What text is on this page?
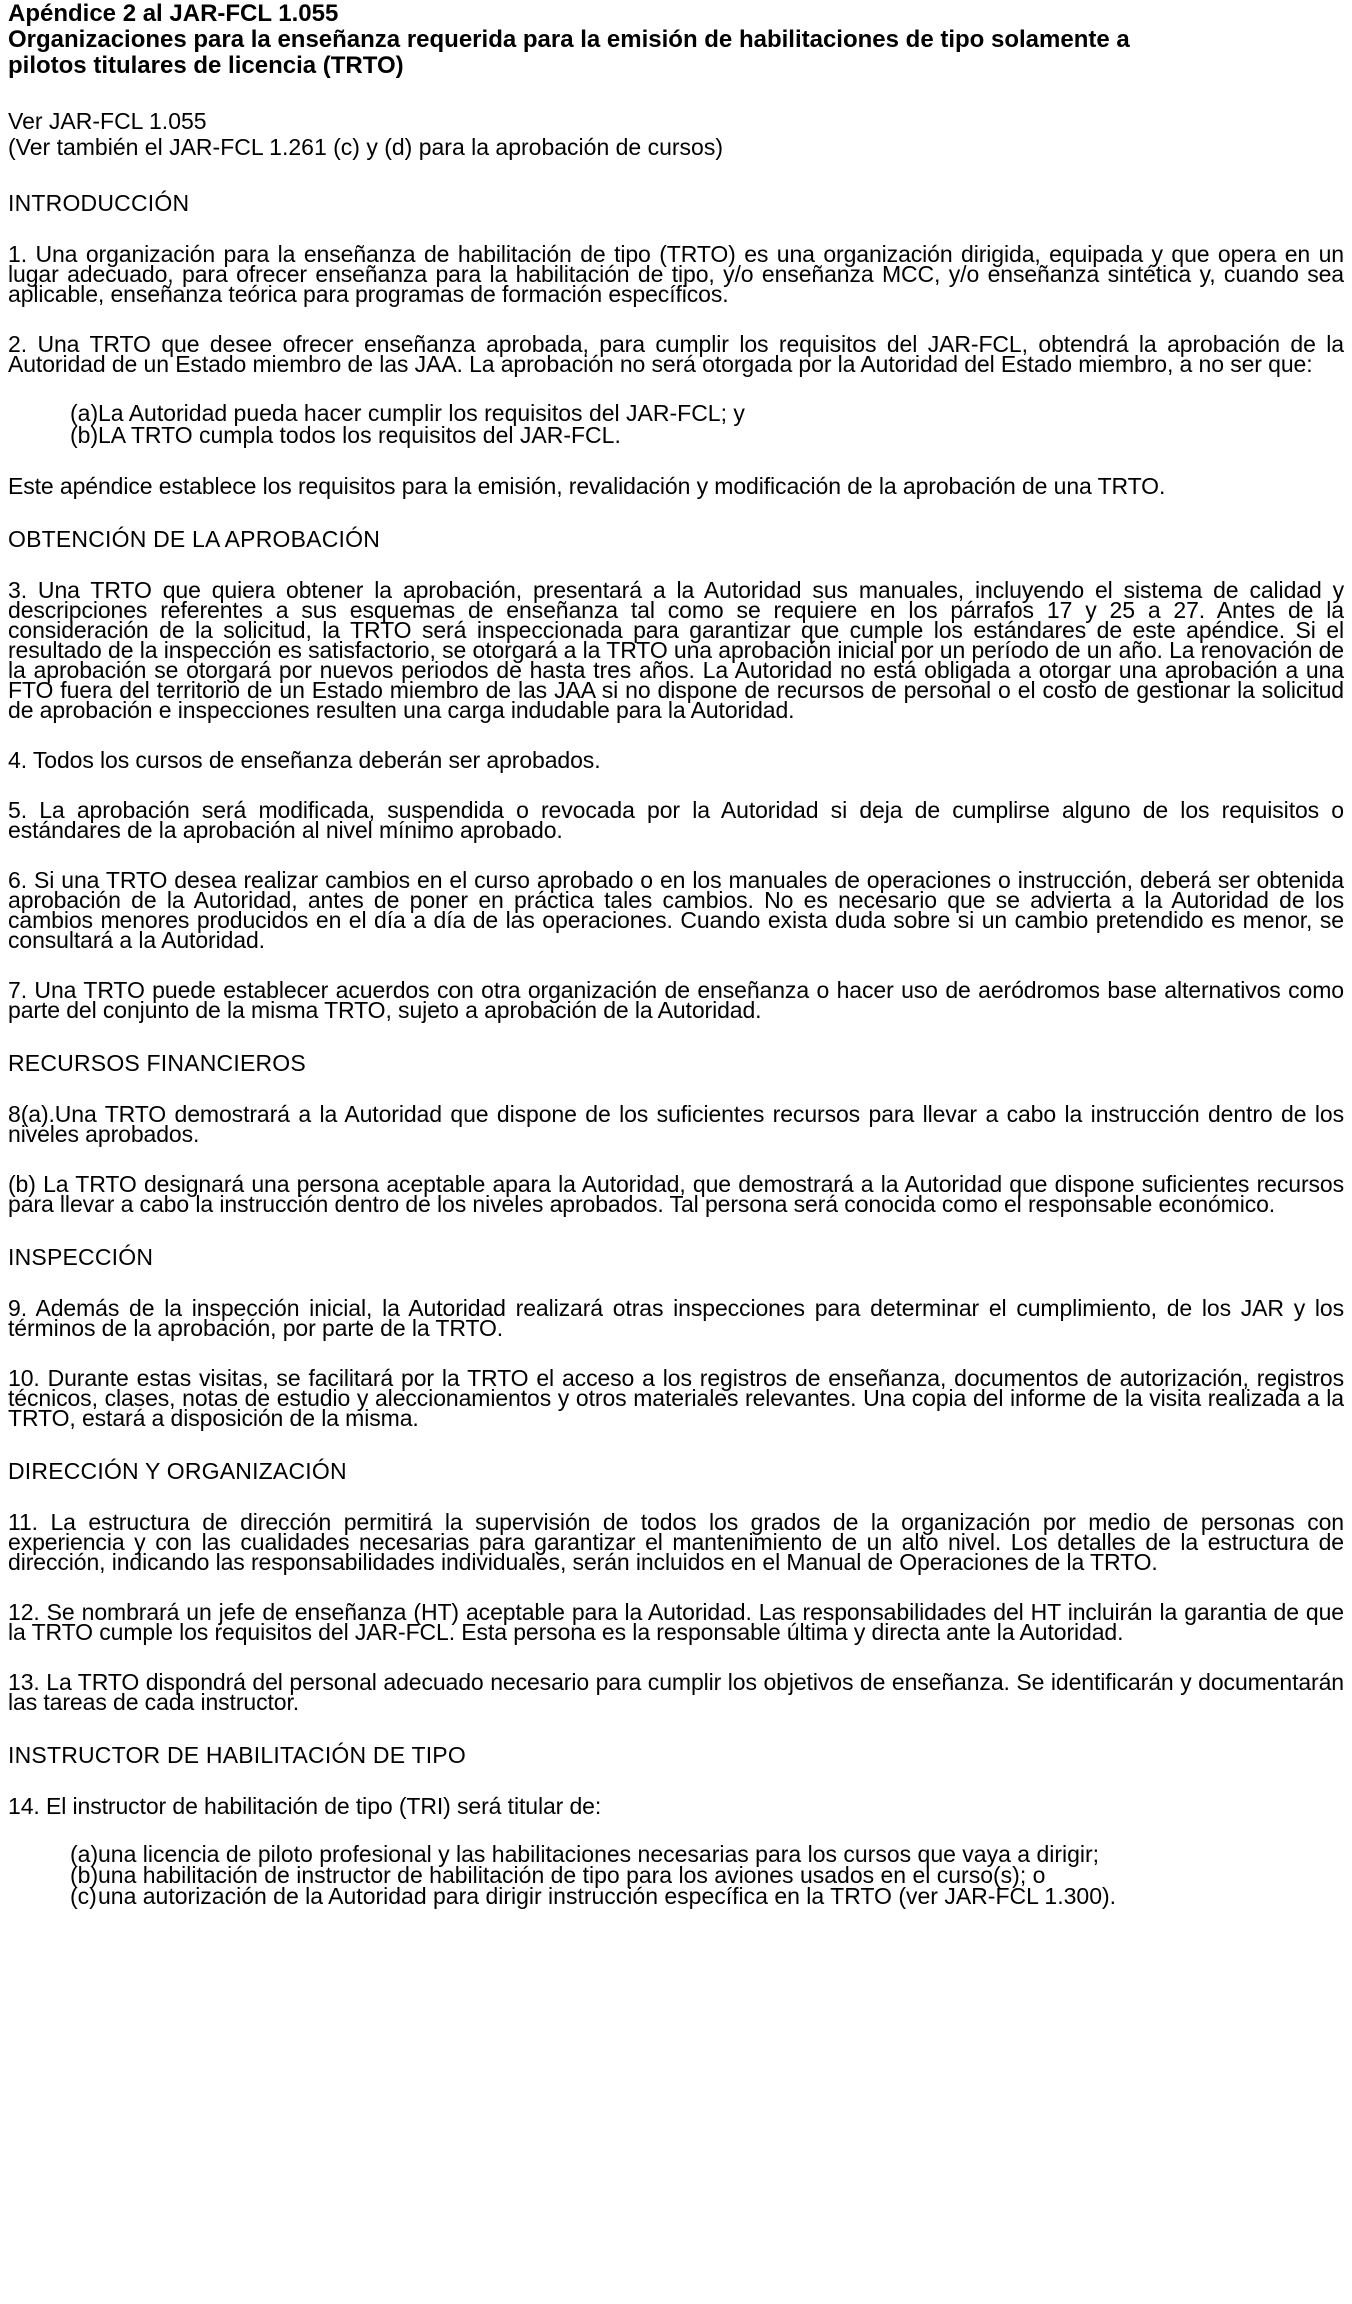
Apéndice 2 al JAR-FCL 1.055
Organizaciones para la enseñanza requerida para la emisión de habilitaciones de tipo solamente a
pilotos titulares de licencia (TRTO)
Ver JAR-FCL 1.055
(Ver también el JAR-FCL 1.261 (c) y (d) para la aprobación de cursos)
INTRODUCCIÓN
1. Una organización para la enseñanza de habilitación de tipo (TRTO) es una organización dirigida, equipada y que opera en un lugar adecuado, para ofrecer enseñanza para la habilitación de tipo, y/o enseñanza MCC, y/o enseñanza sintética y, cuando sea aplicable, enseñanza teórica para programas de formación específicos.
2. Una TRTO que desee ofrecer enseñanza aprobada, para cumplir los requisitos del JAR-FCL, obtendrá la aprobación de la Autoridad de un Estado miembro de las JAA. La aprobación no será otorgada por la Autoridad del Estado miembro, a no ser que:
(a) La Autoridad pueda hacer cumplir los requisitos del JAR-FCL; y
(b) LA TRTO cumpla todos los requisitos del JAR-FCL.
Este apéndice establece los requisitos para la emisión, revalidación y modificación de la aprobación de una TRTO.
OBTENCIÓN DE LA APROBACIÓN
3. Una TRTO que quiera obtener la aprobación, presentará a la Autoridad sus manuales, incluyendo el sistema de calidad y descripciones referentes a sus esquemas de enseñanza tal como se requiere en los párrafos 17 y 25 a 27. Antes de la consideración de la solicitud, la TRTO será inspeccionada para garantizar que cumple los estándares de este apéndice. Si el resultado de la inspección es satisfactorio, se otorgará a la TRTO una aprobación inicial por un período de un año. La renovación de la aprobación se otorgará por nuevos periodos de hasta tres años. La Autoridad no está obligada a otorgar una aprobación a una FTO fuera del territorio de un Estado miembro de las JAA si no dispone de recursos de personal o el costo de gestionar la solicitud de aprobación e inspecciones resulten una carga indudable para la Autoridad.
4. Todos los cursos de enseñanza deberán ser aprobados.
5. La aprobación será modificada, suspendida o revocada por la Autoridad si deja de cumplirse alguno de los requisitos o estándares de la aprobación al nivel mínimo aprobado.
6. Si una TRTO desea realizar cambios en el curso aprobado o en los manuales de operaciones o instrucción, deberá ser obtenida aprobación de la Autoridad, antes de poner en práctica tales cambios. No es necesario que se advierta a la Autoridad de los cambios menores producidos en el día a día de las operaciones. Cuando exista duda sobre si un cambio pretendido es menor, se consultará a la Autoridad.
7. Una TRTO puede establecer acuerdos con otra organización de enseñanza o hacer uso de aeródromos base alternativos como parte del conjunto de la misma TRTO, sujeto a aprobación de la Autoridad.
RECURSOS FINANCIEROS
8(a).Una TRTO demostrará a la Autoridad que dispone de los suficientes recursos para llevar a cabo la instrucción dentro de los niveles aprobados.
(b) La TRTO designará una persona aceptable apara la Autoridad, que demostrará a la Autoridad que dispone suficientes recursos para llevar a cabo la instrucción dentro de los niveles aprobados. Tal persona será conocida como el responsable económico.
INSPECCIÓN
9. Además de la inspección inicial, la Autoridad realizará otras inspecciones para determinar el cumplimiento, de los JAR y los términos de la aprobación, por parte de la TRTO.
10. Durante estas visitas, se facilitará por la TRTO el acceso a los registros de enseñanza, documentos de autorización, registros técnicos, clases, notas de estudio y aleccionamientos y otros materiales relevantes. Una copia del informe de la visita realizada a la TRTO, estará a disposición de la misma.
DIRECCIÓN Y ORGANIZACIÓN
11. La estructura de dirección permitirá la supervisión de todos los grados de la organización por medio de personas con experiencia y con las cualidades necesarias para garantizar el mantenimiento de un alto nivel. Los detalles de la estructura de dirección, indicando las responsabilidades individuales, serán incluidos en el Manual de Operaciones de la TRTO.
12. Se nombrará un jefe de enseñanza (HT) aceptable para la Autoridad. Las responsabilidades del HT incluirán la garantia de que la TRTO cumple los requisitos del JAR-FCL. Esta persona es la responsable última y directa ante la Autoridad.
13. La TRTO dispondrá del personal adecuado necesario para cumplir los objetivos de enseñanza. Se identificarán y documentarán las tareas de cada instructor.
INSTRUCTOR DE HABILITACIÓN DE TIPO
14. El instructor de habilitación de tipo (TRI) será titular de:
(a) una licencia de piloto profesional y las habilitaciones necesarias para los cursos que vaya a dirigir;
(b) una habilitación de instructor de habilitación de tipo para los aviones usados en el curso(s); o
(c) una autorización de la Autoridad para dirigir instrucción específica en la TRTO (ver JAR-FCL 1.300).
